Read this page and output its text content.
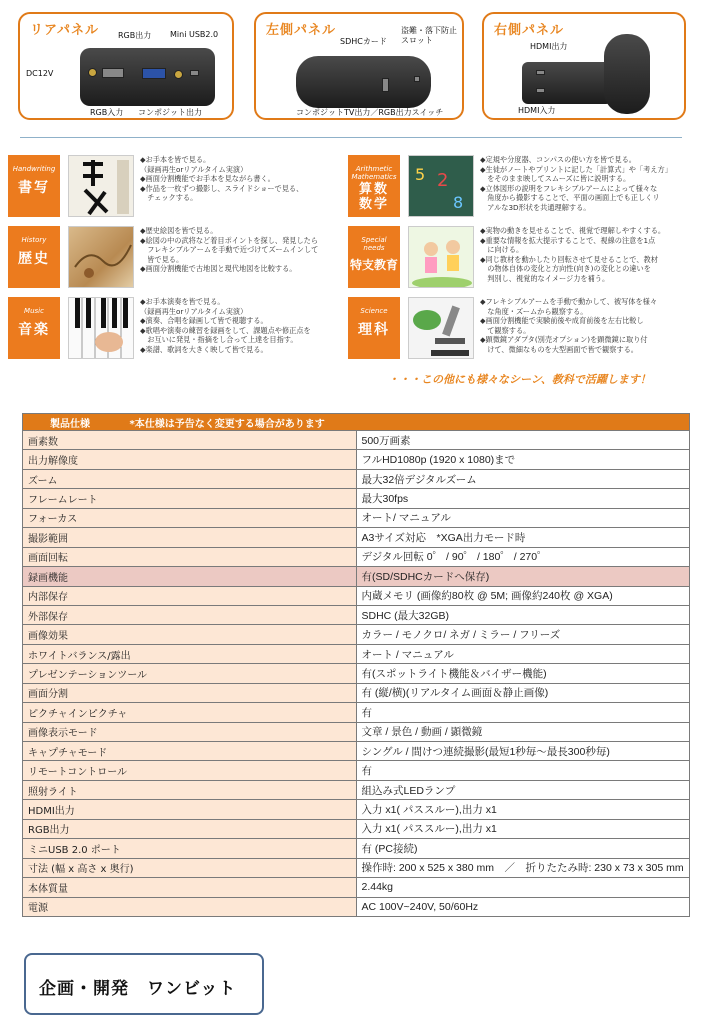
リアパネル RGB出力 Mini USB2.0
DC12V
RGB入力 コンポジット出力
左側パネル
SDHCカード
盗難・落下防止
スロット
コンポジットTV出力／RGB出力スイッチ
右側パネル
HDMI出力
HDMI入力
Handwriting
書写

◆お手本を皆で見る。

（録画再生orリアルタイム実演）

◆画面分割機能でお手本を見ながら書く。

◆作品を一枚ずつ撮影し、スライドショーで見る、

　チェックする。

History
歴史

◆歴史絵図を皆で見る。

◆絵図の中の武将など着目ポイントを探し、発見したら

　フレキシブルアームを手動で近づけてズームインして

　皆で見る。

◆画面分割機能で古地図と現代地図を比較する。

Music
音楽

◆お手本演奏を皆で見る。

（録画再生orリアルタイム実演）

◆演奏、合唱を録画して皆で視聴する。

◆歌唱や演奏の練習を録画をして、課題点や修正点を

　お互いに発見・指摘をし合って上達を目指す。

◆楽譜、歌詞を大きく映して皆で見る。

Arithmetic
Mathematics
算数
数学
5 2
8

◆定規や分度器、コンパスの使い方を皆で見る。

◆生徒がノートやプリントに記した「計算式」や「考え方」

　をそのまま映してスムーズに皆に説明する。

◆立体図形の説明をフレキシブルアームによって様々な

　角度から撮影することで、平面の画面上でも正しくリ

　アルな3D形状を共通理解する。

Special
needs
特支教育

◆実物の動きを見せることで、視覚で理解しやすくする。

◆重要な情報を拡大提示することで、視線の注意を1点

　に向ける。

◆同じ教材を動かしたり回転させて見せることで、教材

　の物体自体の変化と方向性(向き)の変化との違いを

　判別し、視覚的なイメージ力を補う。

Science
理科

◆フレキシブルアームを手動で動かして、被写体を様々

　な角度・ズームから観察する。

◆画面分割機能で実験前後や成育前後を左右比較し

　て観察する。

◆顕微鏡アダプタ(別売オプション)を顕微鏡に取り付

　けて、微細なものを大型画面で皆で観察する。

・・・この他にも様々なシーン、教科で活躍します！
製品仕様 *本仕様は予告なく変更する場合があります	
画素数	500万画素
出力解像度	フルHD1080p (1920 x 1080)まで
ズーム	最大32倍デジタルズーム
フレームレート	最大30fps
フォーカス	オート/ マニュアル
撮影範囲	A3サイズ対応　*XGA出力モード時
画面回転	デジタル回転 0゜ / 90゜ / 180゜ / 270゜
録画機能	有(SD/SDHCカードへ保存)
内部保存	内蔵メモリ (画像約80枚 @ 5M; 画像約240枚 @ XGA)
外部保存	SDHC (最大32GB)
画像効果	カラー / モノクロ/ ネガ / ミラー / フリーズ
ホワイトバランス/露出	オート / マニュアル
プレゼンテーションツール	有(スポットライト機能＆バイザー機能)
画面分割	有 (縦/横)(リアルタイム画面＆静止画像)
ピクチャインピクチャ	有
画像表示モード	文章 / 景色 / 動画 / 顕微鏡
キャプチャモード	シングル / 間けつ連続撮影(最短1秒毎～最長300秒毎)
リモートコントロール	有
照射ライト	組込み式LEDランプ
HDMI出力	入力 x1( パススルー),出力 x1
RGB出力	入力 x1( パススルー),出力 x1
ミニUSB 2.0 ポート	有 (PC接続)
寸法 (幅 x 高さ x 奥行)	操作時: 200 x 525 x 380 mm　／　折りたたみ時: 230 x 73 x 305 mm
本体質量	2.44kg
電源	AC 100V~240V, 50/60Hz
企画・開発　ワンビット
